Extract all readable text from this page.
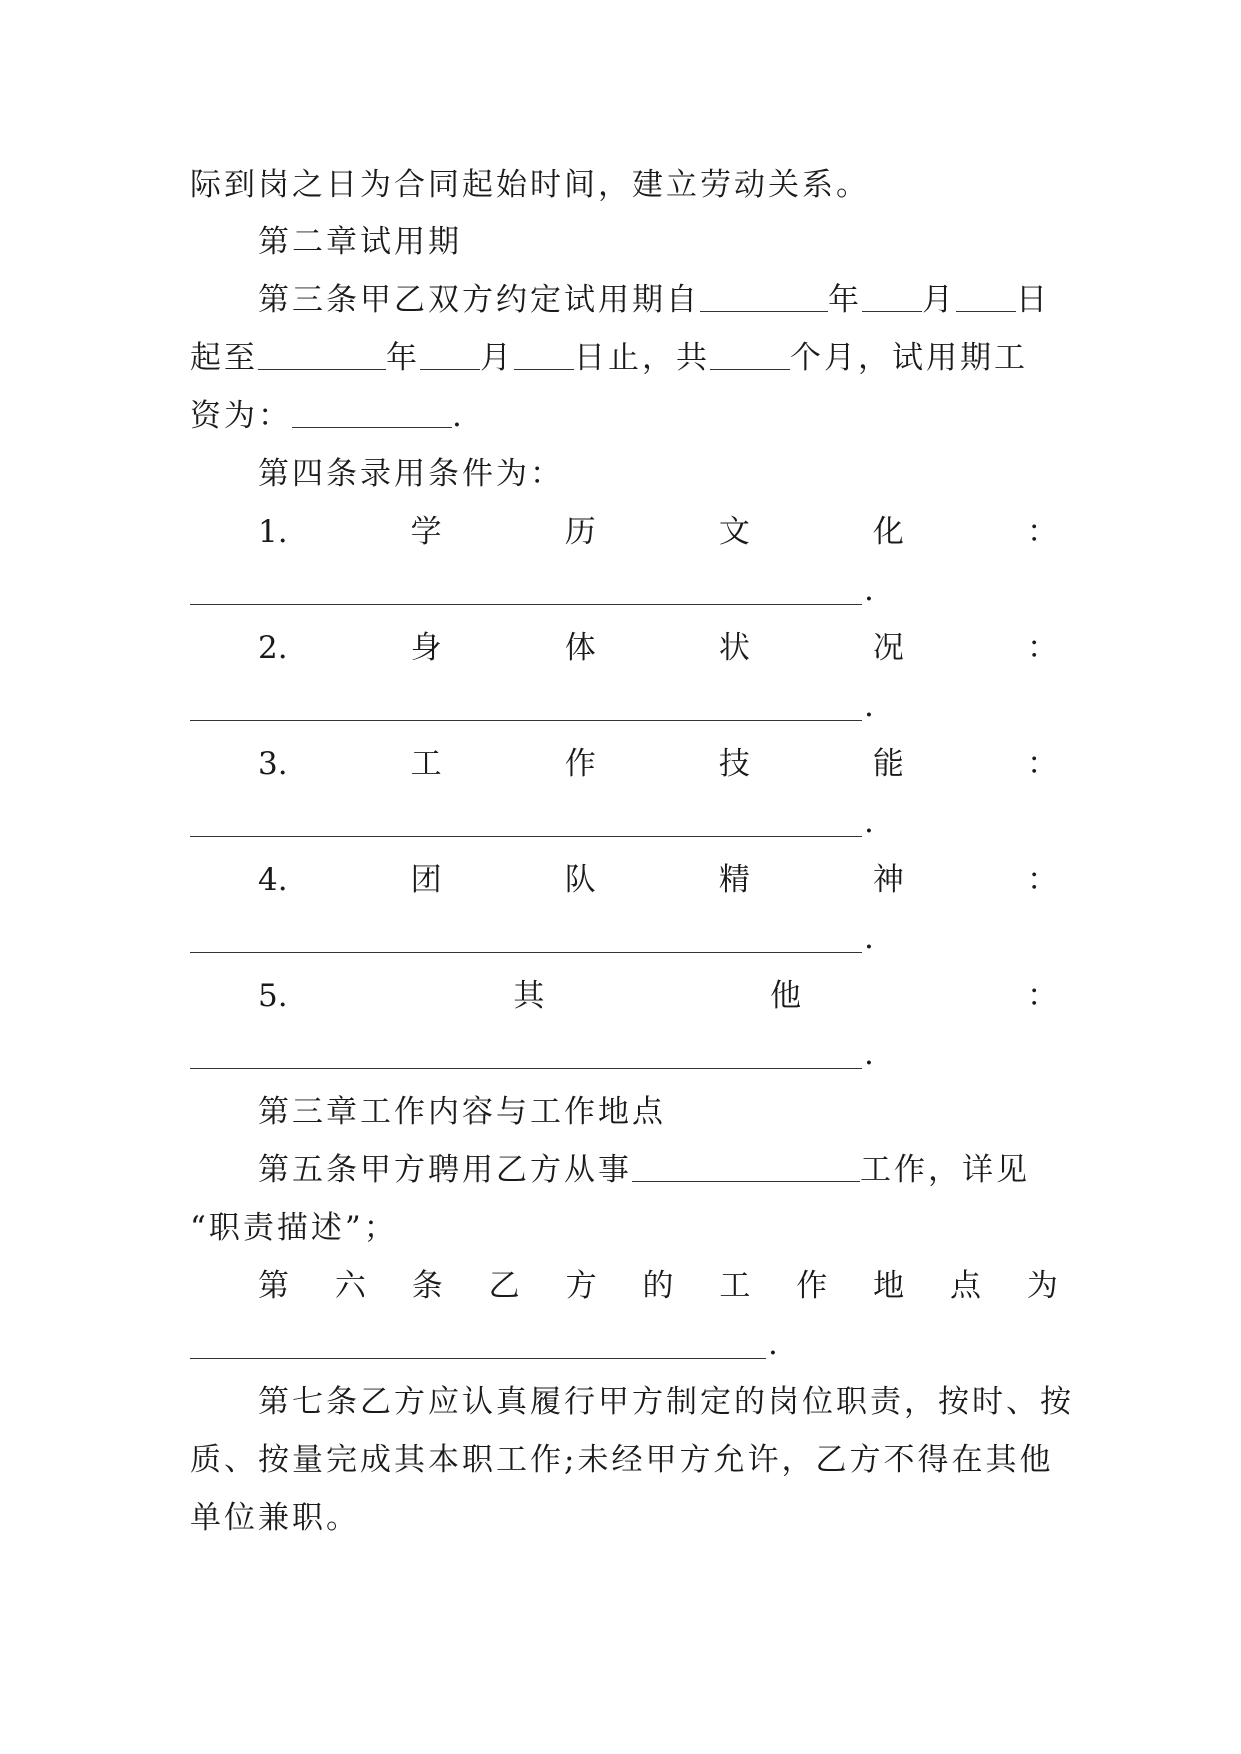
际到岗之日为合同起始时间，建立劳动关系。
第二章试用期
第三条甲乙双方约定试用期自	年 月 日
起至	年 月 日止，共	个月，试用期工
资为：	.
第四条录用条件为：
1.	学	历	文	化	：
.
2.	身	体	状	况	：
.
3.	工	作	技	能	：
.
4.	团	队	精	神	：
.
5.	其	他	：
.
第三章工作内容与工作地点
第五条甲方聘用乙方从事	工作，详见
“职责描述”；
第 六 条 乙 方 的 工 作 地 点 为
.
第七条乙方应认真履行甲方制定的岗位职责，按时、按
质、按量完成其本职工作;未经甲方允许，乙方不得在其他
单位兼职。
